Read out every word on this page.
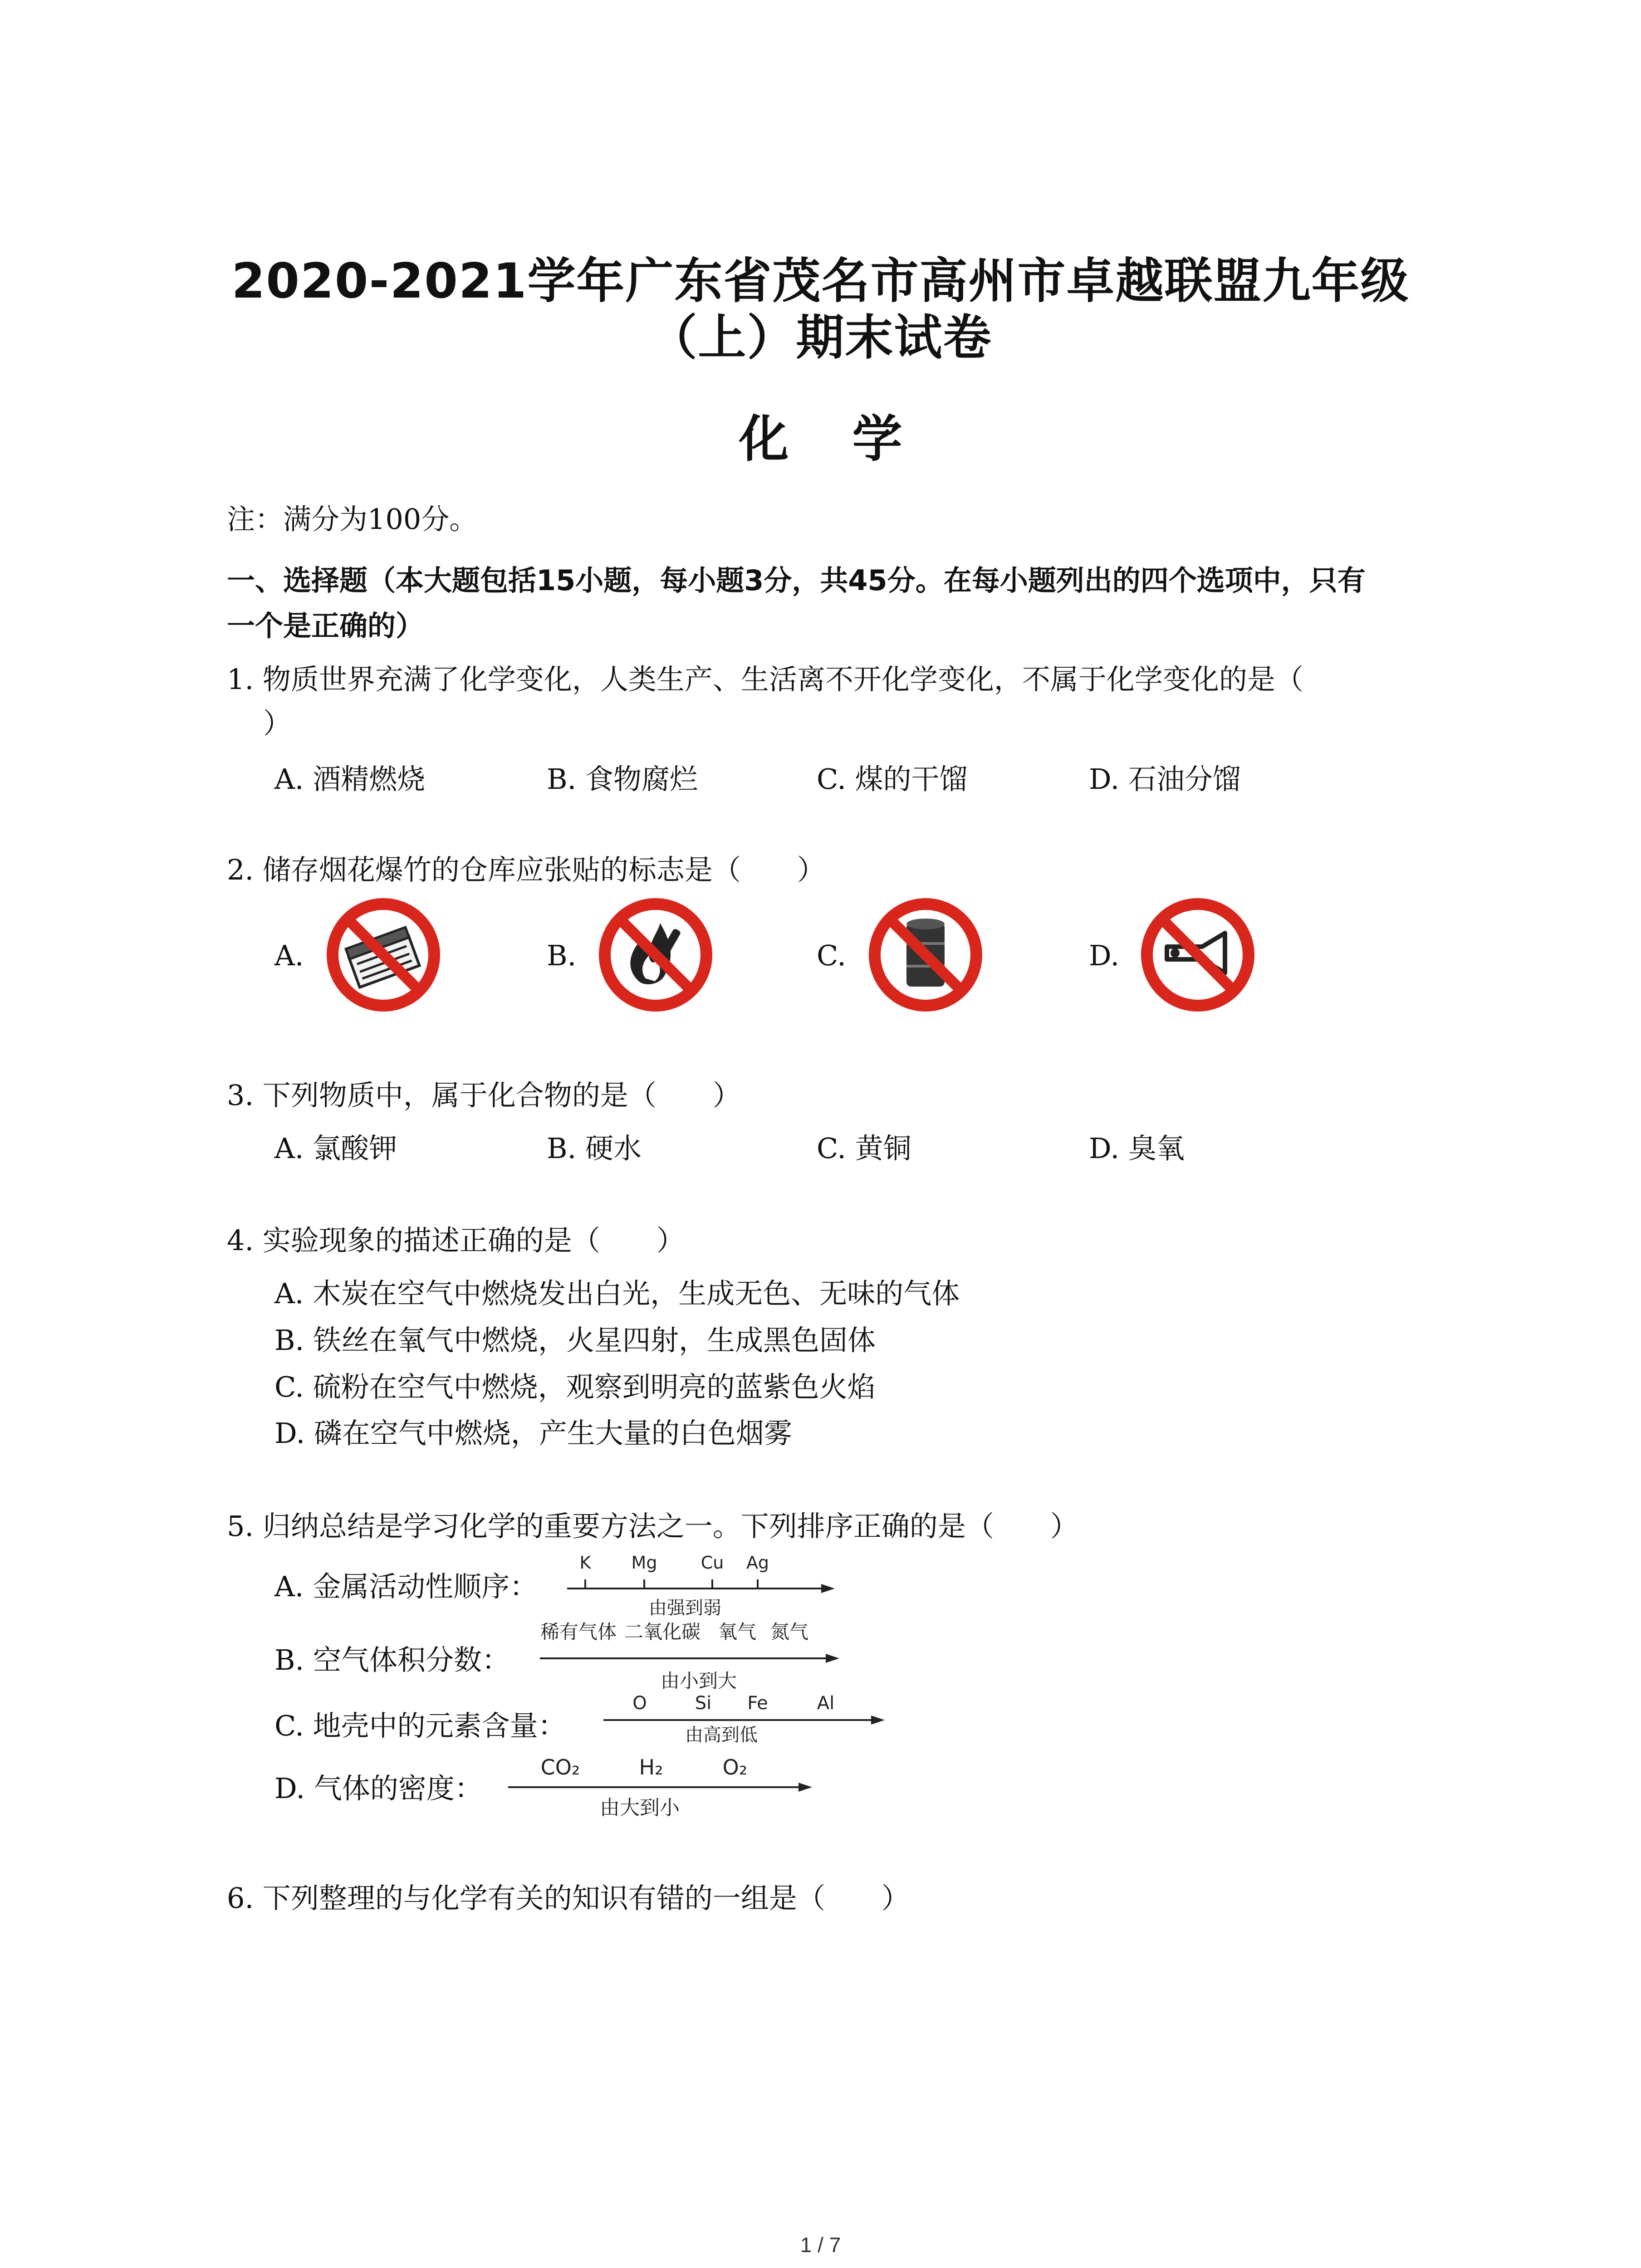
2020-2021学年广东省茂名市高州市卓越联盟九年级
（上）期末试卷
化学
注：满分为100分。
一、选择题（本大题包括15小题，每小题3分，共45分。在每小题列出的四个选项中，只有
一个是正确的）
1. 物质世界充满了化学变化，人类生产、生活离不开化学变化，不属于化学变化的是（
）
A. 酒精燃烧	B. 食物腐烂	C. 煤的干馏	D. 石油分馏
2. 储存烟花爆竹的仓库应张贴的标志是（　　）
A.	B.	C.	D.
3. 下列物质中，属于化合物的是（　　）
A. 氯酸钾	B. 硬水	C. 黄铜	D. 臭氧
4. 实验现象的描述正确的是（　　）
A. 木炭在空气中燃烧发出白光，生成无色、无味的气体
B. 铁丝在氧气中燃烧，火星四射，生成黑色固体
C. 硫粉在空气中燃烧，观察到明亮的蓝紫色火焰
D. 磷在空气中燃烧，产生大量的白色烟雾
5. 归纳总结是学习化学的重要方法之一。下列排序正确的是（　　）
A. 金属活动性顺序：
K Mg	Cu Ag
由强到弱
B. 空气体积分数：
稀有气体 二氧化碳 氧气 氮气
由小到大
C. 地壳中的元素含量：
O	Si Fe	Al
由高到低
D. 气体的密度：
CO₂	H₂	O₂
由大到小
6. 下列整理的与化学有关的知识有错的一组是（　　）
1 / 7
